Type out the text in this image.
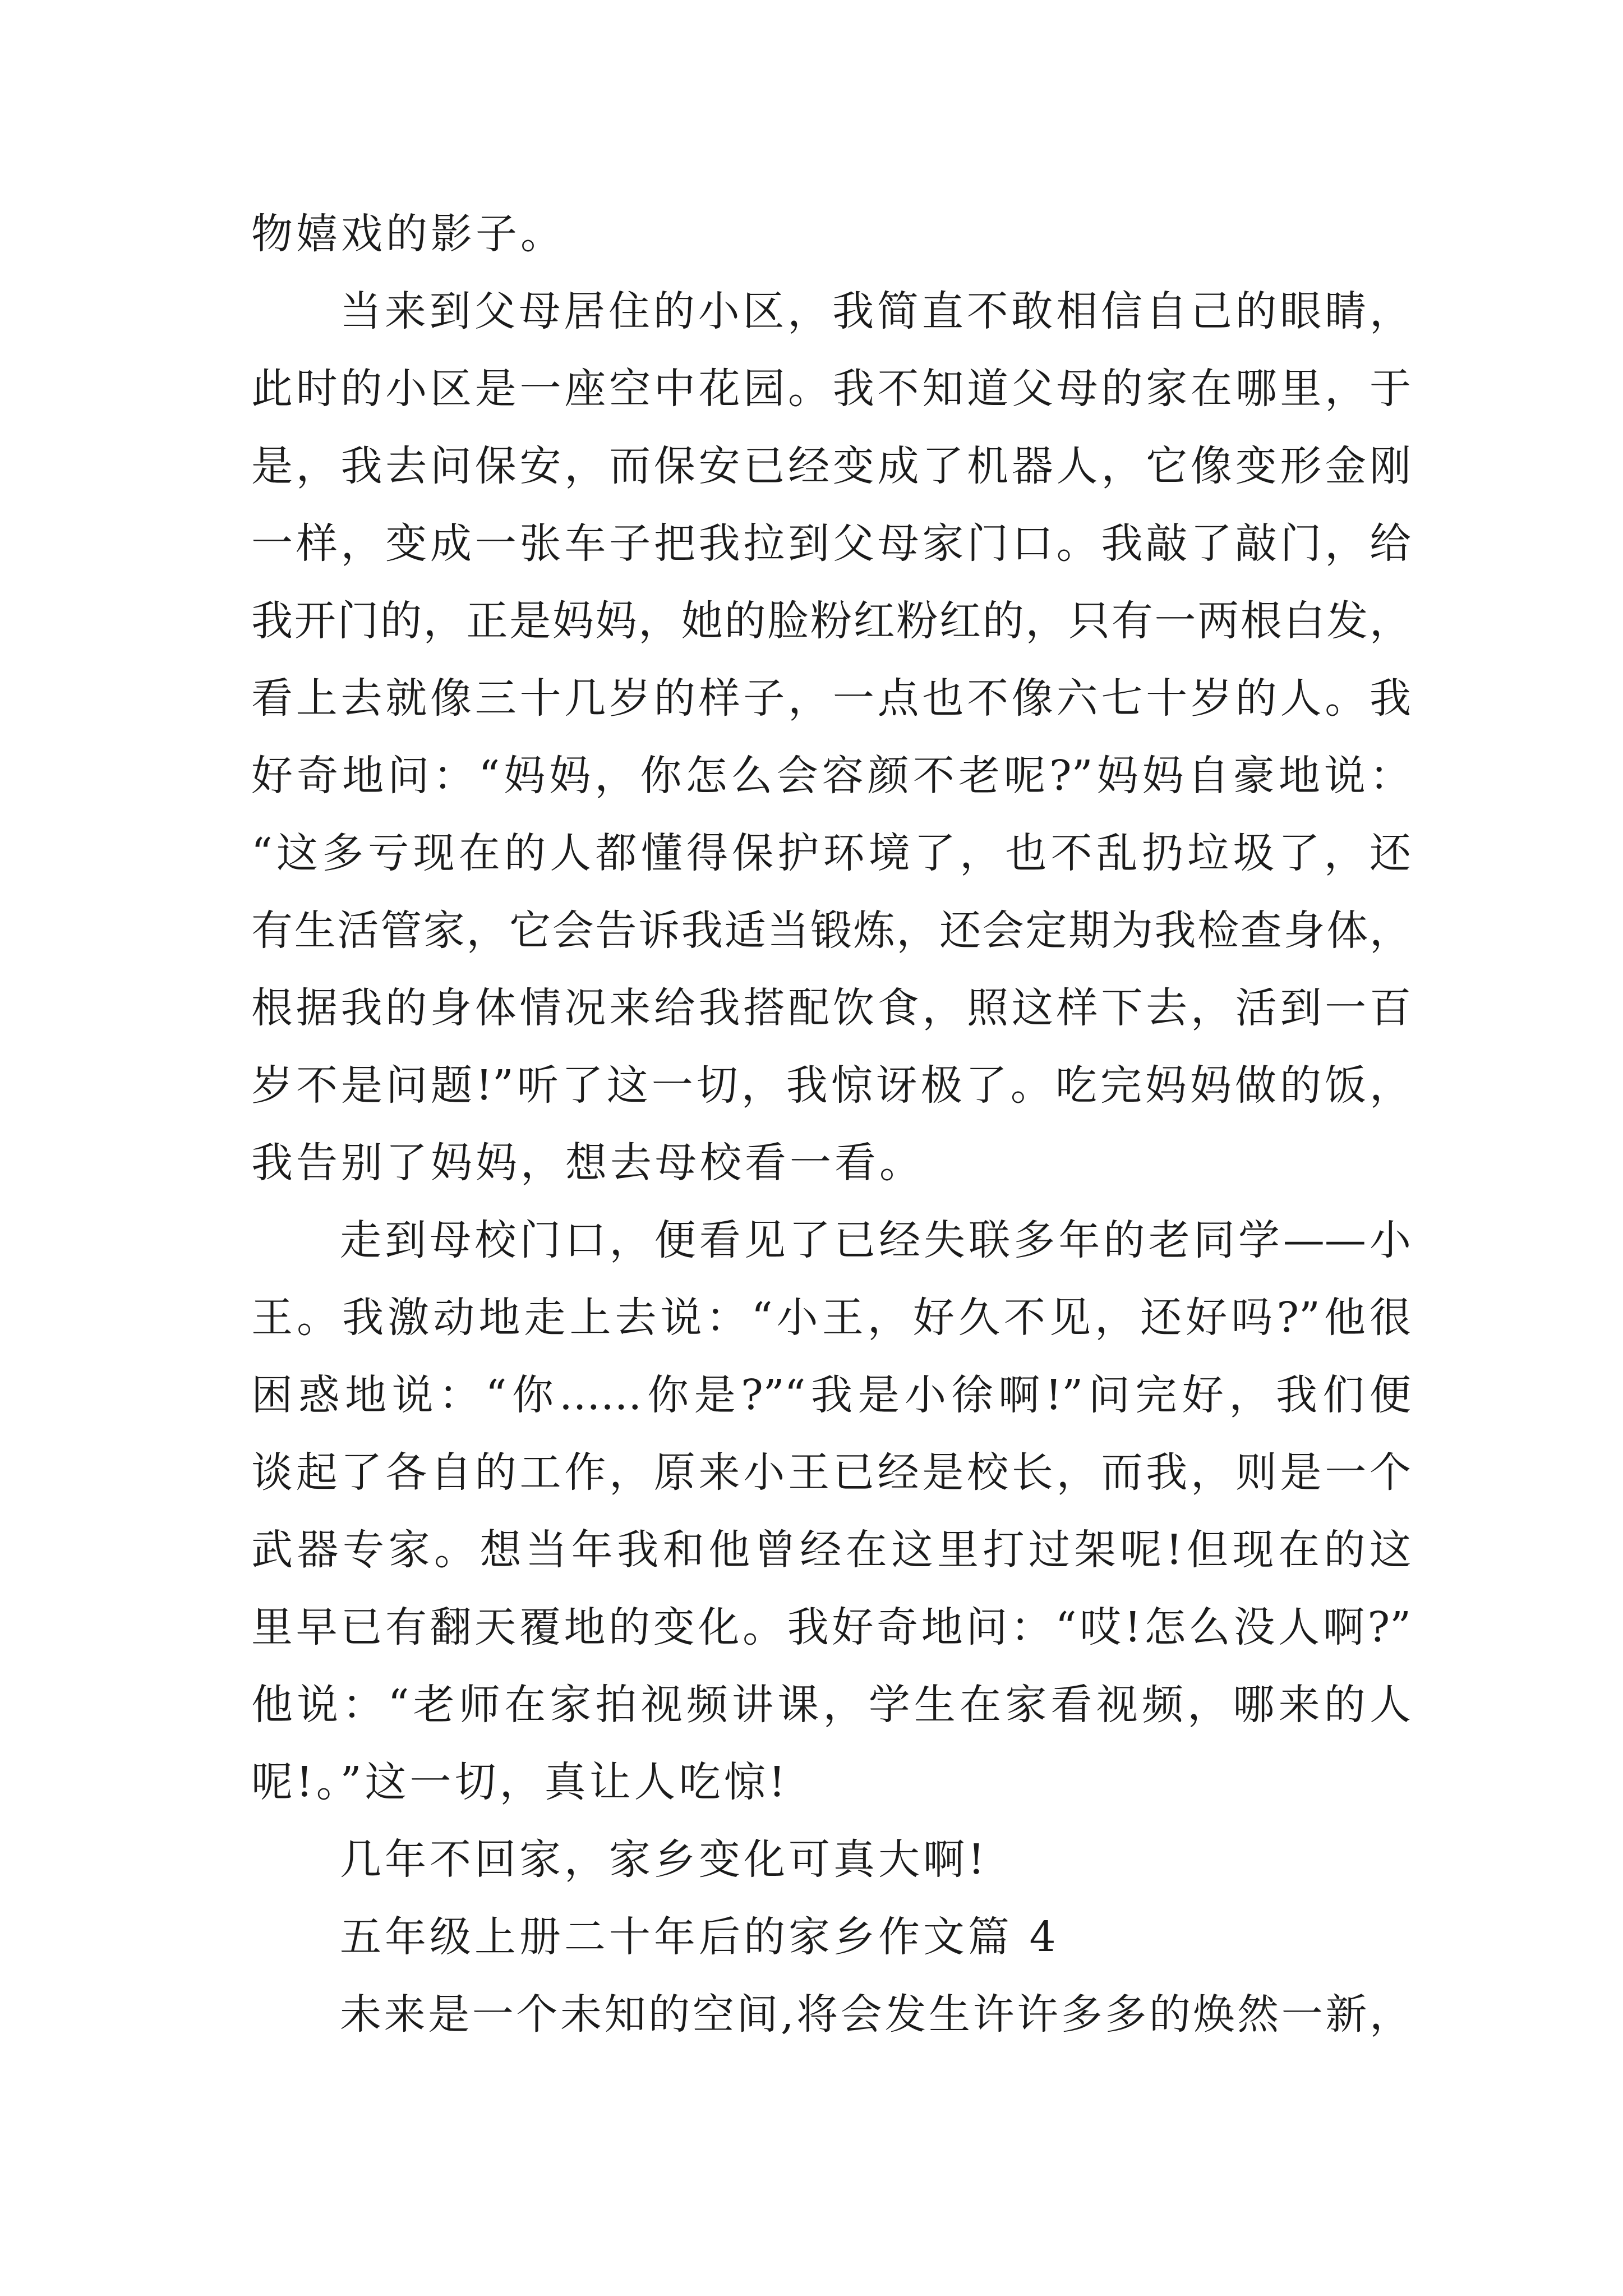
物嬉戏的影子。
当来到父母居住的小区，我简直不敢相信自己的眼睛，
此时的小区是一座空中花园。我不知道父母的家在哪里，于
是，我去问保安，而保安已经变成了机器人，它像变形金刚
一样，变成一张车子把我拉到父母家门口。我敲了敲门，给
我开门的，正是妈妈，她的脸粉红粉红的，只有一两根白发，
看上去就像三十几岁的样子，一点也不像六七十岁的人。我
好奇地问：“妈妈，你怎么会容颜不老呢?”妈妈自豪地说：
“这多亏现在的人都懂得保护环境了，也不乱扔垃圾了，还
有生活管家，它会告诉我适当锻炼，还会定期为我检查身体，
根据我的身体情况来给我搭配饮食，照这样下去，活到一百
岁不是问题!”听了这一切，我惊讶极了。吃完妈妈做的饭，
我告别了妈妈，想去母校看一看。
走到母校门口，便看见了已经失联多年的老同学——小
王。我激动地走上去说：“小王，好久不见，还好吗?”他很
困惑地说：“你……你是?”“我是小徐啊!”问完好，我们便
谈起了各自的工作，原来小王已经是校长，而我，则是一个
武器专家。想当年我和他曾经在这里打过架呢!但现在的这
里早已有翻天覆地的变化。我好奇地问：“哎!怎么没人啊?”
他说：“老师在家拍视频讲课，学生在家看视频，哪来的人
呢!。”这一切，真让人吃惊!
几年不回家，家乡变化可真大啊!
五年级上册二十年后的家乡作文篇 4
未来是一个未知的空间,将会发生许许多多的焕然一新，
